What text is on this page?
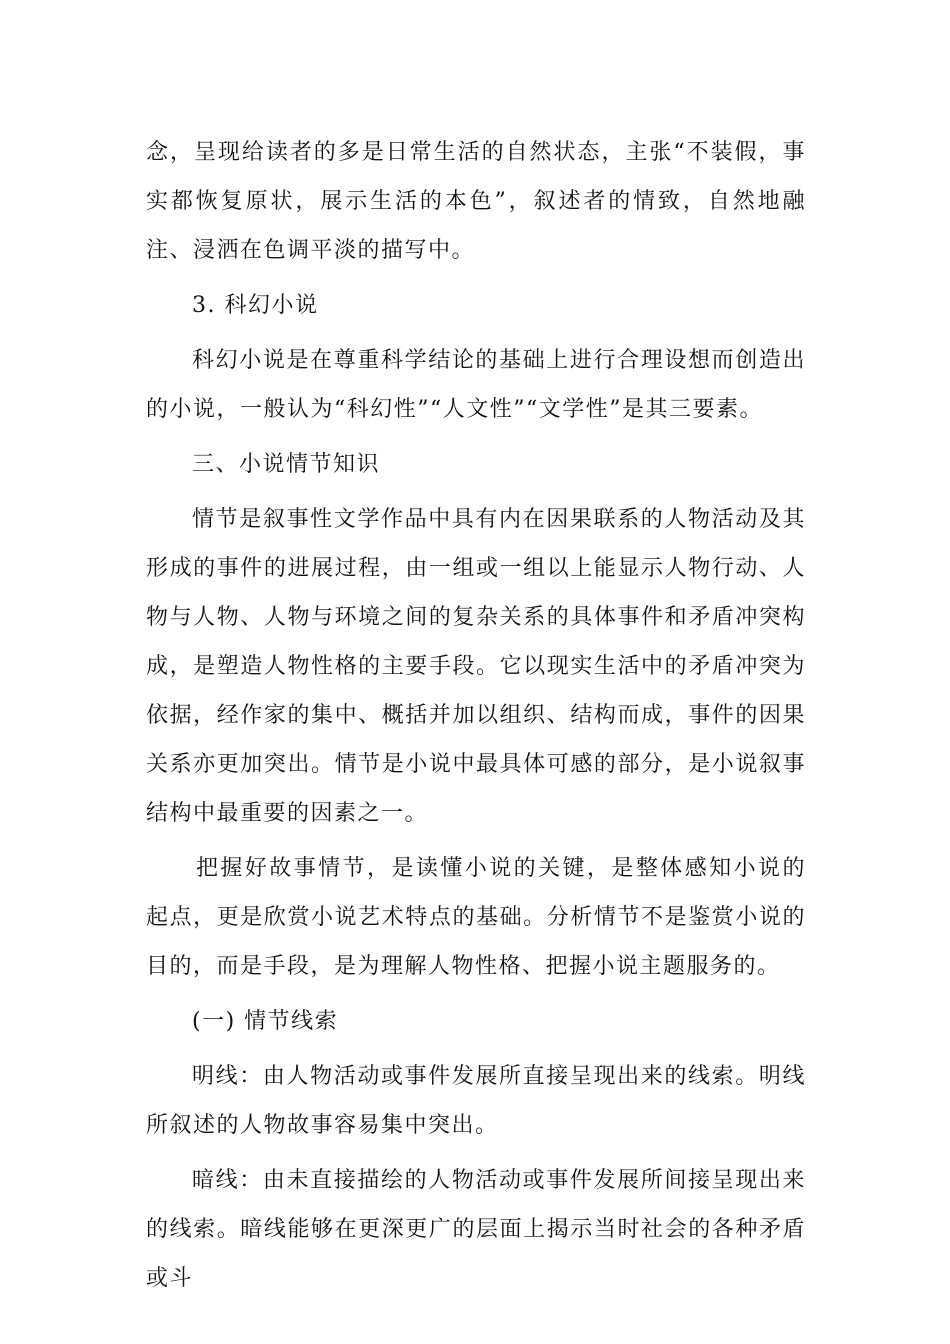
念，呈现给读者的多是日常生活的自然状态，主张“不装假，事实都恢复原状，展示生活的本色”，叙述者的情致，自然地融注、浸洒在色调平淡的描写中。

3. 科幻小说

科幻小说是在尊重科学结论的基础上进行合理设想而创造出的小说，一般认为“科幻性”“人文性”“文学性”是其三要素。

三、小说情节知识

情节是叙事性文学作品中具有内在因果联系的人物活动及其形成的事件的进展过程，由一组或一组以上能显示人物行动、人物与人物、人物与环境之间的复杂关系的具体事件和矛盾冲突构成，是塑造人物性格的主要手段。它以现实生活中的矛盾冲突为依据，经作家的集中、概括并加以组织、结构而成，事件的因果关系亦更加突出。情节是小说中最具体可感的部分，是小说叙事结构中最重要的因素之一。

把握好故事情节，是读懂小说的关键，是整体感知小说的起点，更是欣赏小说艺术特点的基础。分析情节不是鉴赏小说的目的，而是手段，是为理解人物性格、把握小说主题服务的。

(一) 情节线索

明线：由人物活动或事件发展所直接呈现出来的线索。明线所叙述的人物故事容易集中突出。

暗线：由未直接描绘的人物活动或事件发展所间接呈现出来的线索。暗线能够在更深更广的层面上揭示当时社会的各种矛盾或斗
